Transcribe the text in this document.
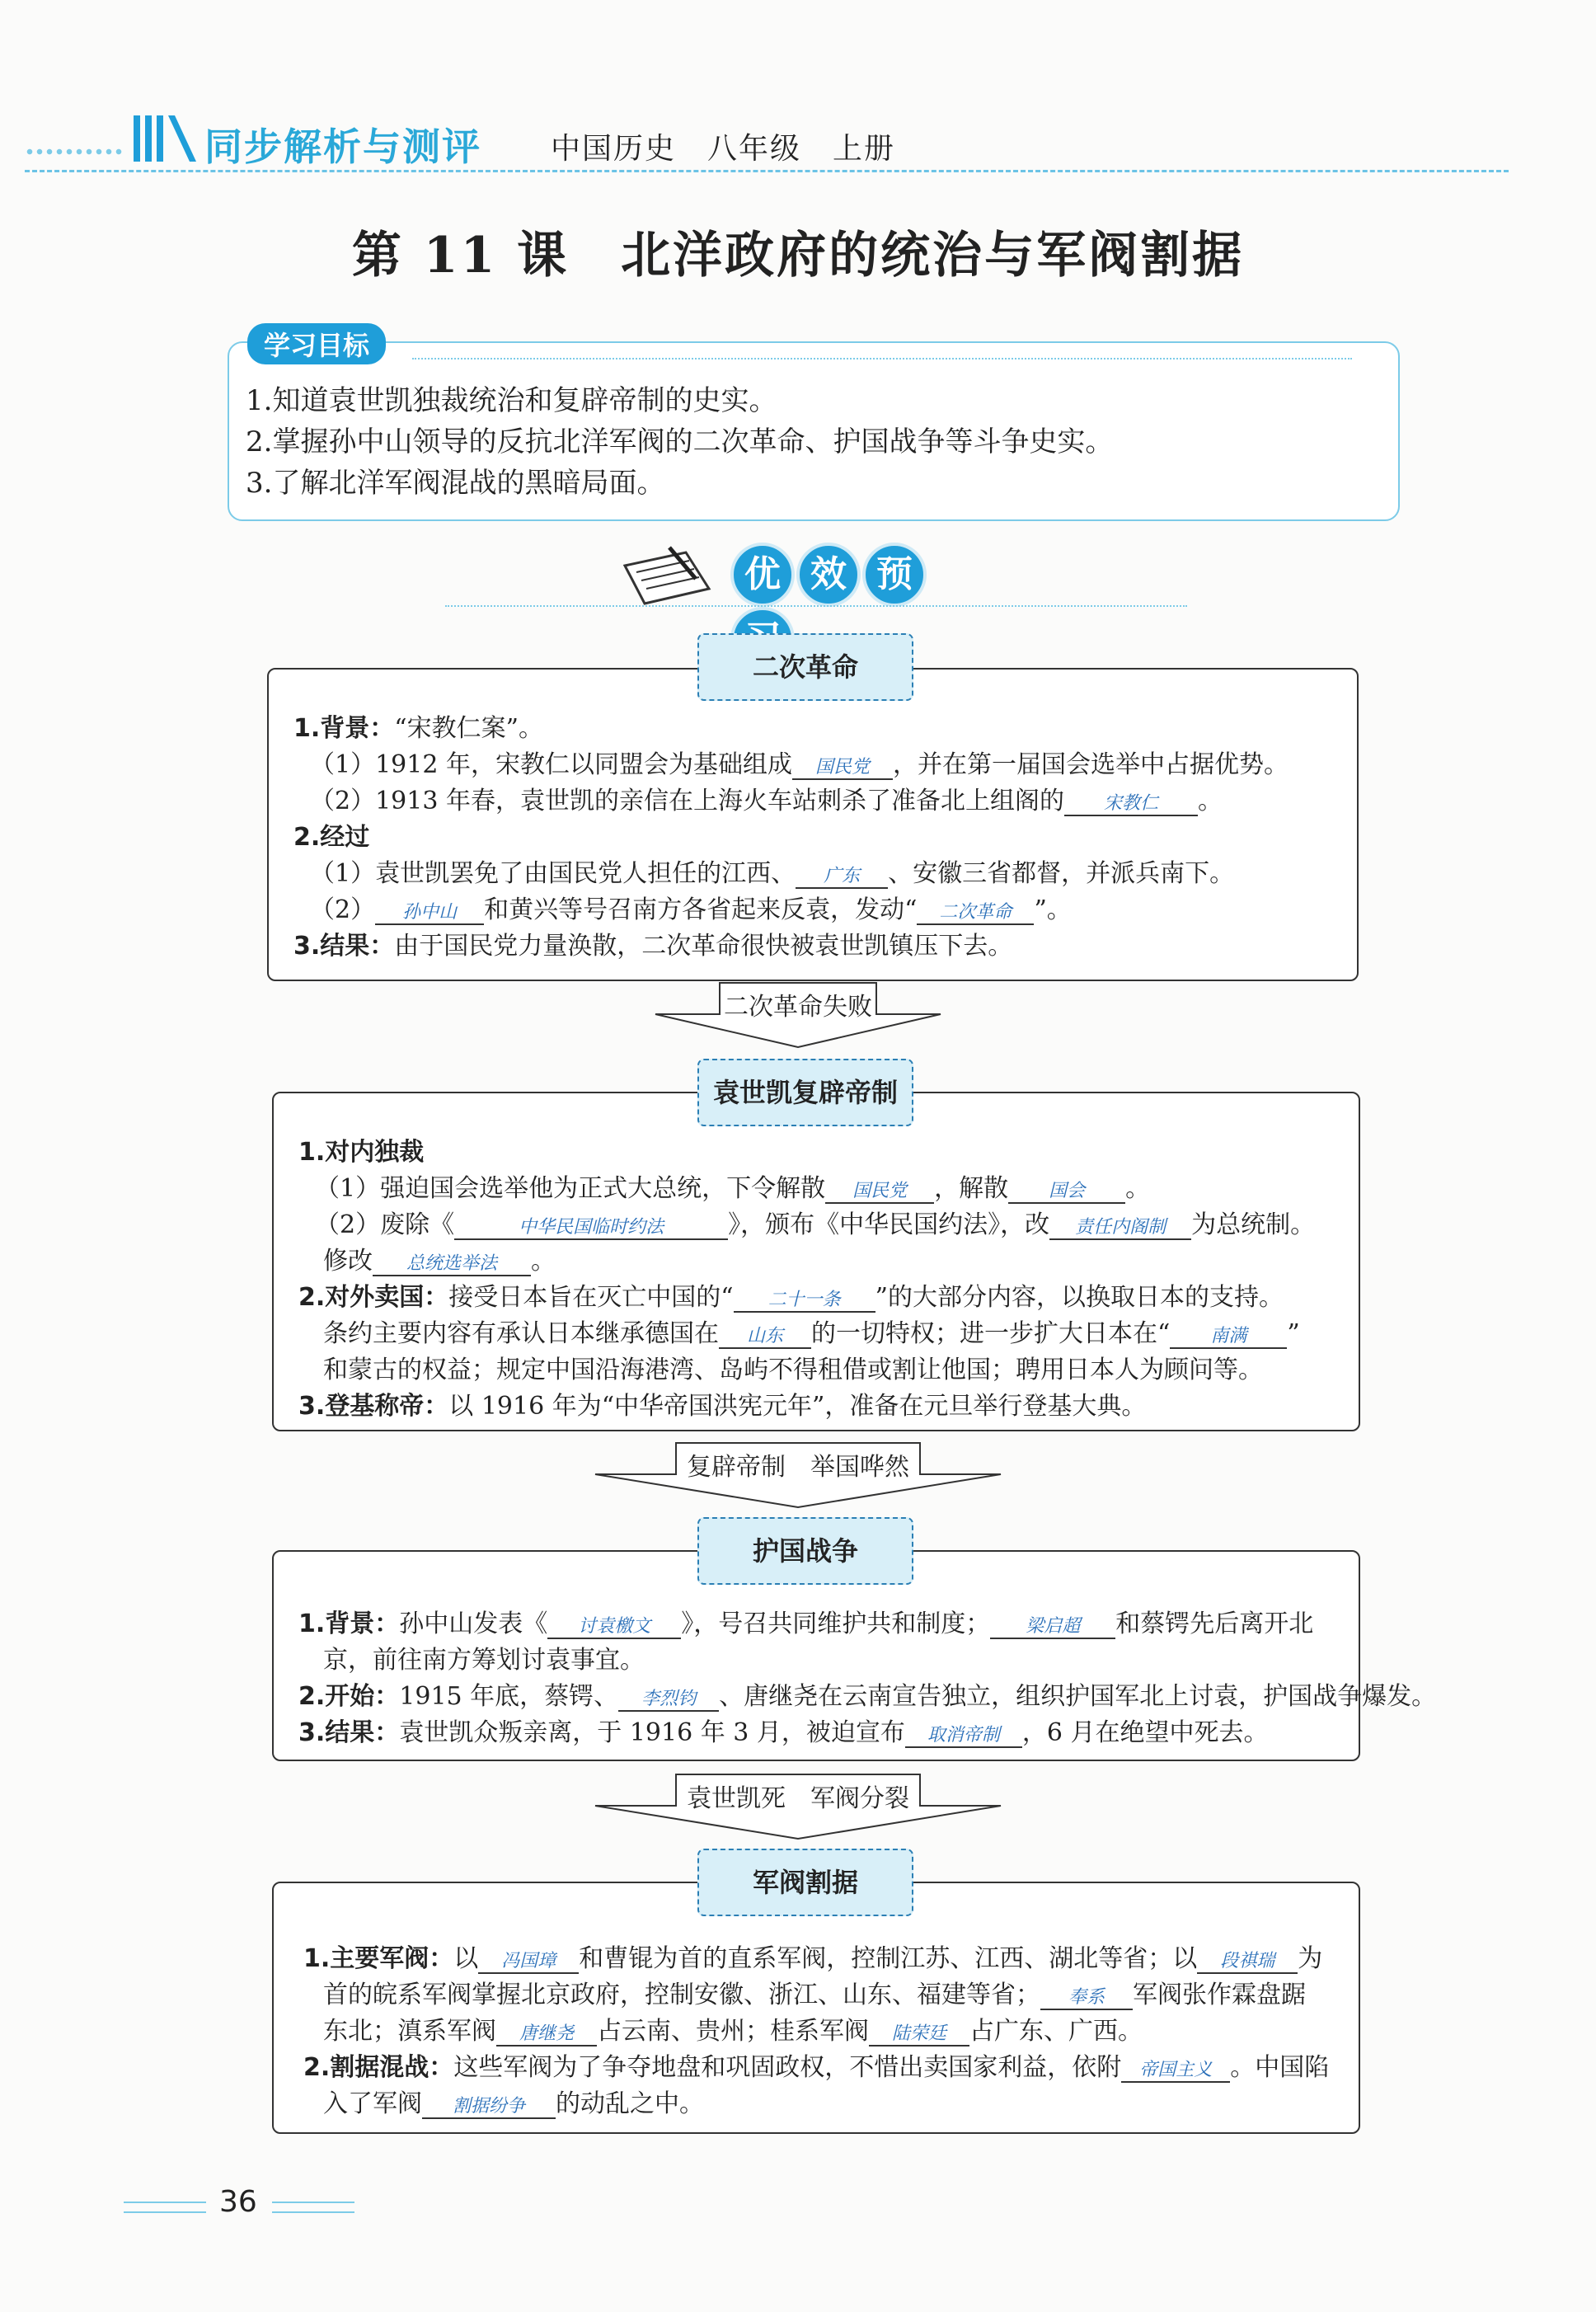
同步解析与测评 中国历史　八年级　上册
第 11 课　北洋政府的统治与军阀割据
学习目标
1.知道袁世凯独裁统治和复辟帝制的史实。
2.掌握孙中山领导的反抗北洋军阀的二次革命、护国战争等斗争史实。
3.了解北洋军阀混战的黑暗局面。
优 效 预
二次革命
1.背景：“宋教仁案”。
（1）1912 年，宋教仁以同盟会为基础组成 国民党 ，并在第一届国会选举中占据优势。
（2）1913 年春，袁世凯的亲信在上海火车站刺杀了准备北上组阁的 宋教仁 。
2.经过
（1）袁世凯罢免了由国民党人担任的江西、 广东 、安徽三省都督，并派兵南下。
（2） 孙中山 和黄兴等号召南方各省起来反袁，发动“ 二次革命 ”。
3.结果：由于国民党力量涣散，二次革命很快被袁世凯镇压下去。
二次革命失败
袁世凯复辟帝制
1.对内独裁
（1）强迫国会选举他为正式大总统，下令解散 国民党 ，解散 国会 。
（2）废除《	中华民国临时约法	》，颁布《中华民国约法》，改 责任内阁制 为总统制。
修改 总统选举法 。
2.对外卖国：接受日本旨在灭亡中国的“ 二十一条 ”的大部分内容，以换取日本的支持。
条约主要内容有承认日本继承德国在 山东 的一切特权；进一步扩大日本在“ 南满 ”
和蒙古的权益；规定中国沿海港湾、岛屿不得租借或割让他国；聘用日本人为顾问等。
3.登基称帝：以 1916 年为“中华帝国洪宪元年”，准备在元旦举行登基大典。
复辟帝制　举国哗然
护国战争
1.背景：孙中山发表《 讨袁檄文 》，号召共同维护共和制度； 梁启超 和蔡锷先后离开北
京，前往南方筹划讨袁事宜。
2.开始：1915 年底，蔡锷、 李烈钧 、唐继尧在云南宣告独立，组织护国军北上讨袁，护国战争爆发。
3.结果：袁世凯众叛亲离，于 1916 年 3 月，被迫宣布 取消帝制 ，6 月在绝望中死去。
袁世凯死　军阀分裂
军阀割据
1.主要军阀：以 冯国璋 和曹锟为首的直系军阀，控制江苏、江西、湖北等省；以 段祺瑞 为
首的皖系军阀掌握北京政府，控制安徽、浙江、山东、福建等省； 奉系 军阀张作霖盘踞
东北；滇系军阀 唐继尧 占云南、贵州；桂系军阀 陆荣廷 占广东、广西。
2.割据混战：这些军阀为了争夺地盘和巩固政权，不惜出卖国家利益，依附 帝国主义 。中国陷
入了军阀 割据纷争 的动乱之中。
36
